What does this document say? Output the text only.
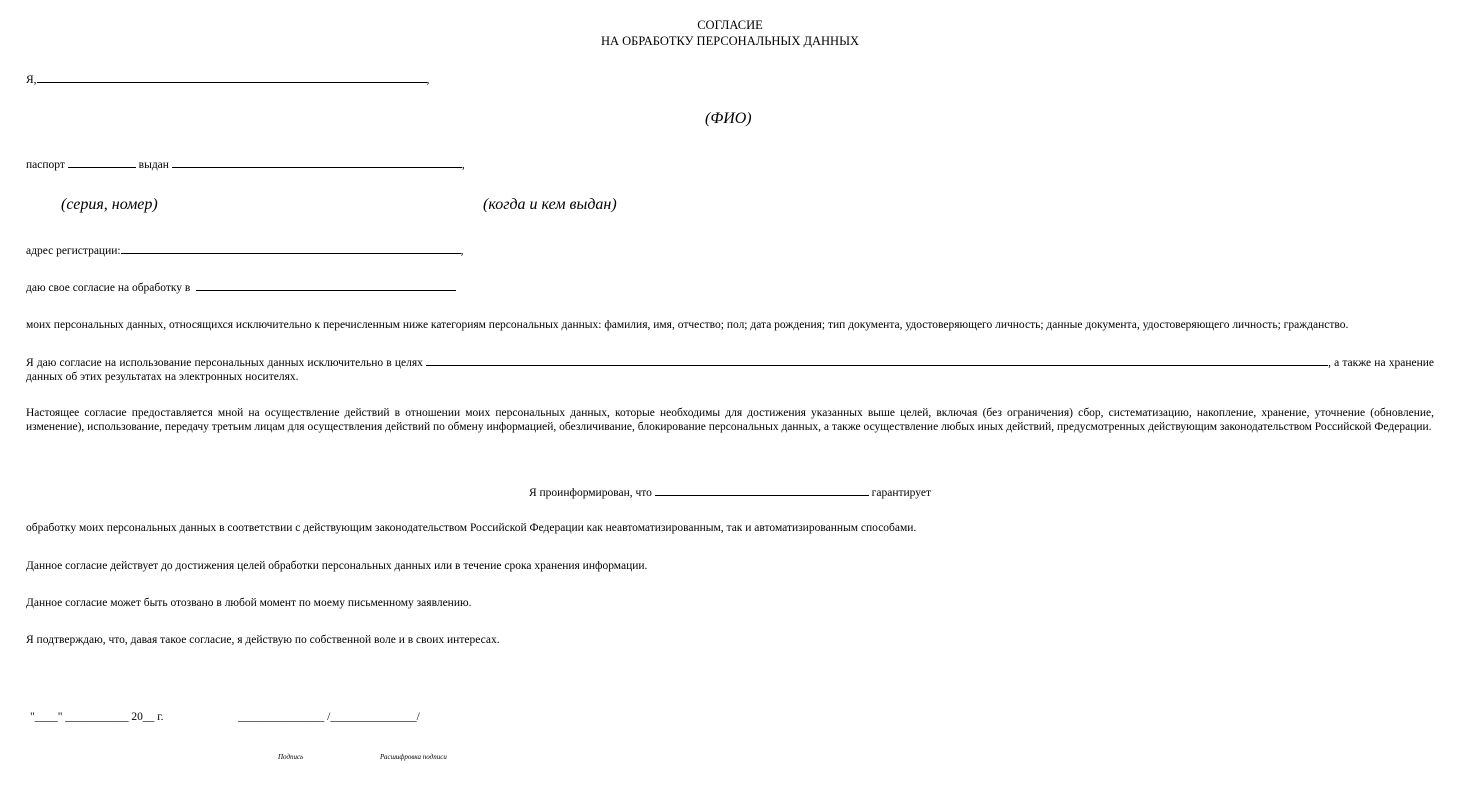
СОГЛАСИЕ
НА ОБРАБОТКУ ПЕРСОНАЛЬНЫХ ДАННЫХ
Я,	,
(ФИО)
паспорт	выдан	,
(серия, номер)	(когда и кем выдан)
адрес регистрации:	,
даю свое согласие на обработку в
моих персональных данных, относящихся исключительно к перечисленным ниже категориям персональных данных: фамилия, имя, отчество; пол; дата рождения; тип документа, удостоверяющего личность; данные документа, удостоверяющего личность; гражданство.
Я даю согласие на использование персональных данных исключительно в целях	, а также на хранение данных об этих результатах на электронных носителях.
Настоящее согласие предоставляется мной на осуществление действий в отношении моих персональных данных, которые необходимы для достижения указанных выше целей, включая (без ограничения) сбор, систематизацию, накопление, хранение, уточнение (обновление, изменение), использование, передачу третьим лицам для осуществления действий по обмену информацией, обезличивание, блокирование персональных данных, а также осуществление любых иных действий, предусмотренных действующим законодательством Российской Федерации.
Я проинформирован, что	гарантирует
обработку моих персональных данных в соответствии с действующим законодательством Российской Федерации как неавтоматизированным, так и автоматизированным способами.
Данное согласие действует до достижения целей обработки персональных данных или в течение срока хранения информации.
Данное согласие может быть отозвано в любой момент по моему письменному заявлению.
Я подтверждаю, что, давая такое согласие, я действую по собственной воле и в своих интересах.
"____" ___________ 20__ г.	_______________ /_______________/
Подпись	Расшифровка подписи
